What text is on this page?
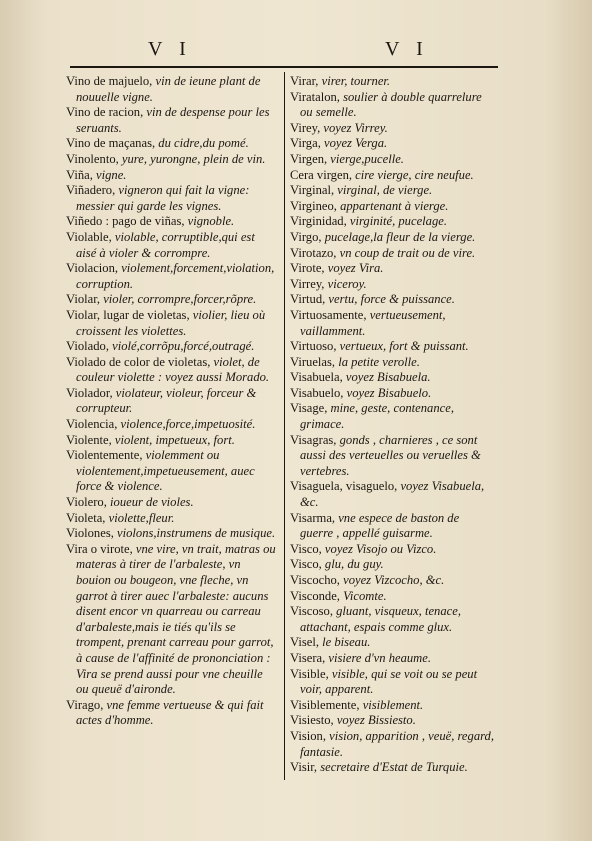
V I	V I
Vino de majuelo, vin de ieune plant de nouuelle vigne.
Vino de racion, vin de despense pour les seruants.
Vino de maçanas, du cidre,du pomé.
Vinolento, yure, yurongne, plein de vin.
Viña, vigne.
Viñadero, vigneron qui fait la vigne: messier qui garde les vignes.
Viñedo : pago de viñas, vignoble.
Violable, violable, corruptible,qui est aisé à violer & corrompre.
Violacion, violement,forcement,violation, corruption.
Violar, violer, corrompre,forcer,rõpre.
Violar, lugar de violetas, violier, lieu où croissent les violettes.
Violado, violé,corrõpu,forcé,outragé.
Violado de color de violetas, violet, de couleur violette : voyez aussi Morado.
Violador, violateur, violeur, forceur & corrupteur.
Violencia, violence,force,impetuosité.
Violente, violent, impetueux, fort.
Violentemente, violemment ou violentement,impetueusement, auec force & violence.
Violero, ioueur de violes.
Violeta, violette,fleur.
Violones, violons,instrumens de musique.
Vira o virote, vne vire, vn trait, matras ou materas à tirer de l'arbaleste, vn bouion ou bougeon, vne fleche, vn garrot à tirer auec l'arbaleste: aucuns disent encor vn quarreau ou carreau d'arbaleste,mais ie tiés qu'ils se trompent, prenant carreau pour garrot, à cause de l'affinité de prononciation : Vira se prend aussi pour vne cheuille ou queuë d'aironde.
Virago, vne femme vertueuse & qui fait actes d'homme.
Virar, virer, tourner.
Viratalon, soulier à double quarrelure ou semelle.
Virey, voyez Virrey.
Virga, voyez Verga.
Virgen, vierge,pucelle.
Cera virgen, cire vierge, cire neufue.
Virginal, virginal, de vierge.
Virgineo, appartenant à vierge.
Virginidad, virginité, pucelage.
Virgo, pucelage,la fleur de la vierge.
Virotazo, vn coup de trait ou de vire.
Virote, voyez Vira.
Virrey, viceroy.
Virtud, vertu, force & puissance.
Virtuosamente, vertueusement, vaillamment.
Virtuoso, vertueux, fort & puissant.
Viruelas, la petite verolle.
Visabuela, voyez Bisabuela.
Visabuelo, voyez Bisabuelo.
Visage, mine, geste, contenance, grimace.
Visagras, gonds , charnieres , ce sont aussi des verteuelles ou veruelles & vertebres.
Visaguela, visaguelo, voyez Visabuela, &c.
Visarma, vne espece de baston de guerre , appellé guisarme.
Visco, voyez Visojo ou Vizco.
Visco, glu, du guy.
Viscocho, voyez Vizcocho, &c.
Visconde, Vicomte.
Viscoso, gluant, visqueux, tenace, attachant, espais comme glux.
Visel, le biseau.
Visera, visiere d'vn heaume.
Visible, visible, qui se voit ou se peut voir, apparent.
Visiblemente, visiblement.
Visiesto, voyez Bissiesto.
Vision, vision, apparition , veuë, regard, fantasie.
Visir, secretaire d'Estat de Turquie.
